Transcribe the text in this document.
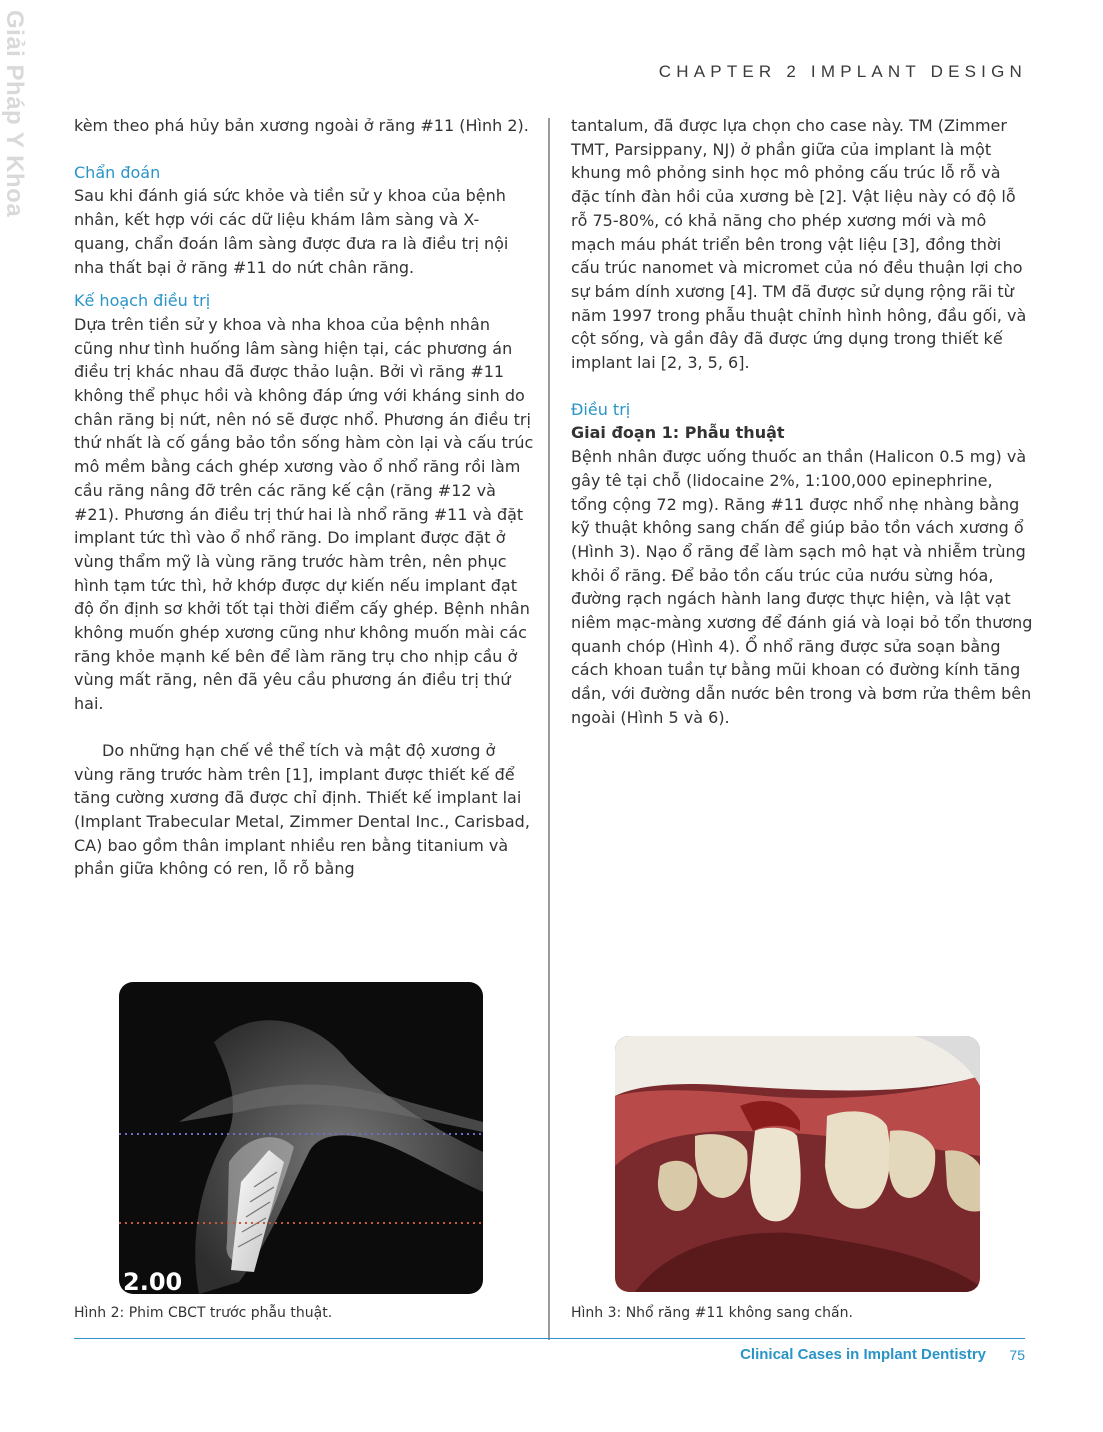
Giải Pháp Y Khoa	CHAPTER 2 IMPLANT DESIGN

kèm theo phá hủy bản xương ngoài ở răng #11 (Hình 2).

Chẩn đoán

Sau khi đánh giá sức khỏe và tiền sử y khoa của bệnh nhân, kết hợp với các dữ liệu khám lâm sàng và X-quang, chẩn đoán lâm sàng được đưa ra là điều trị nội nha thất bại ở răng #11 do nứt chân răng.

Kế hoạch điều trị

Dựa trên tiền sử y khoa và nha khoa của bệnh nhân cũng như tình huống lâm sàng hiện tại, các phương án điều trị khác nhau đã được thảo luận. Bởi vì răng #11 không thể phục hồi và không đáp ứng với kháng sinh do chân răng bị nứt, nên nó sẽ được nhổ. Phương án điều trị thứ nhất là cố gắng bảo tồn sống hàm còn lại và cấu trúc mô mềm bằng cách ghép xương vào ổ nhổ răng rồi làm cầu răng nâng đỡ trên các răng kế cận (răng #12 và #21). Phương án điều trị thứ hai là nhổ răng #11 và đặt implant tức thì vào ổ nhổ răng. Do implant được đặt ở vùng thẩm mỹ là vùng răng trước hàm trên, nên phục hình tạm tức thì, hở khớp được dự kiến nếu implant đạt độ ổn định sơ khởi tốt tại thời điểm cấy ghép. Bệnh nhân không muốn ghép xương cũng như không muốn mài các răng khỏe mạnh kế bên để làm răng trụ cho nhịp cầu ở vùng mất răng, nên đã yêu cầu phương án điều trị thứ hai.

Do những hạn chế về thể tích và mật độ xương ở vùng răng trước hàm trên [1], implant được thiết kế để tăng cường xương đã được chỉ định. Thiết kế implant lai (Implant Trabecular Metal, Zimmer Dental Inc., Carisbad, CA) bao gồm thân implant nhiều ren bằng titanium và phần giữa không có ren, lỗ rỗ bằng

tantalum, đã được lựa chọn cho case này. TM (Zimmer TMT, Parsippany, NJ) ở phần giữa của implant là một khung mô phỏng sinh học mô phỏng cấu trúc lỗ rỗ và đặc tính đàn hồi của xương bè [2]. Vật liệu này có độ lỗ rỗ 75-80%, có khả năng cho phép xương mới và mô mạch máu phát triển bên trong vật liệu [3], đồng thời cấu trúc nanomet và micromet của nó đều thuận lợi cho sự bám dính xương [4]. TM đã được sử dụng rộng rãi từ năm 1997 trong phẫu thuật chỉnh hình hông, đầu gối, và cột sống, và gần đây đã được ứng dụng trong thiết kế implant lai [2, 3, 5, 6].

Điều trị
Giai đoạn 1: Phẫu thuật

Bệnh nhân được uống thuốc an thần (Halicon 0.5 mg) và gây tê tại chỗ (lidocaine 2%, 1:100,000 epinephrine, tổng cộng 72 mg). Răng #11 được nhổ nhẹ nhàng bằng kỹ thuật không sang chấn để giúp bảo tồn vách xương ổ (Hình 3). Nạo ổ răng để làm sạch mô hạt và nhiễm trùng khỏi ổ răng. Để bảo tồn cấu trúc của nướu sừng hóa, đường rạch ngách hành lang được thực hiện, và lật vạt niêm mạc-màng xương để đánh giá và loại bỏ tổn thương quanh chóp (Hình 4). Ổ nhổ răng được sửa soạn bằng cách khoan tuần tự bằng mũi khoan có đường kính tăng dần, với đường dẫn nước bên trong và bơm rửa thêm bên ngoài (Hình 5 và 6).

2.00
Hình 2: Phim CBCT trước phẫu thuật.	Hình 3: Nhổ răng #11 không sang chấn.
Clinical Cases in Implant Dentistry 75
